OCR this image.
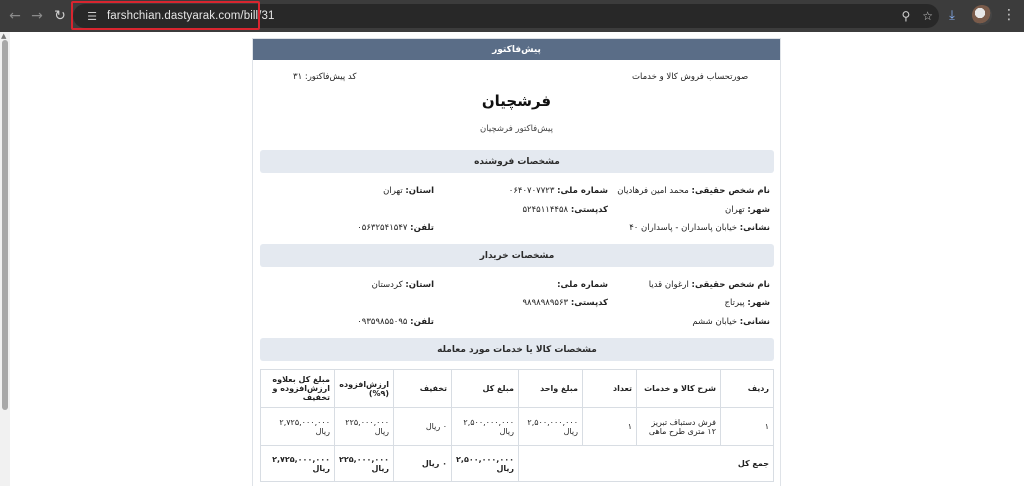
← → ↻	☰ farshchian.dastyarak.com/bill/31	⚲ ☆	⤓	⋮
▲
پیش‌فاکتور
کد پیش‌فاکتور: ۳۱	صورتحساب فروش کالا و خدمات
فرشچیان
پیش‌فاکتور فرشچیان
مشخصات فروشنده
نام شخص حقیقی: محمد امین فرهادیان
شماره ملی: ۰۶۴۰۷۰۷۷۲۳
استان: تهران
شهر: تهران
کدپستی: ۵۲۴۵۱۱۴۴۵۸
نشانی: خیابان پاسداران - پاسداران ۴۰
تلفن: ۰۵۶۳۲۵۴۱۵۴۷
مشخصات خریدار
نام شخص حقیقی: ارغوان قدیا
شماره ملی:
استان: کردستان
شهر: پیرتاج
کدپستی: ۹۸۹۸۹۸۹۵۶۳
نشانی: خیابان ششم
تلفن: ۰۹۳۵۹۸۵۵۰۹۵
مشخصات کالا یا خدمات مورد معامله
ردیف	شرح کالا و خدمات	تعداد	مبلغ واحد	مبلغ کل	تخفیف	ارزش‌افزوده (۹%)	مبلغ کل بعلاوه ارزش‌افزوده و تخفیف
۱	فرش دستباف تبریز ۱۲ متری طرح ماهی	۱	۲,۵۰۰,۰۰۰,۰۰۰ ریال	۲,۵۰۰,۰۰۰,۰۰۰ ریال	۰ ریال	۲۲۵,۰۰۰,۰۰۰ ریال	۲,۷۲۵,۰۰۰,۰۰۰ ریال
جمع کل				۲,۵۰۰,۰۰۰,۰۰۰ ریال	۰ ریال	۲۲۵,۰۰۰,۰۰۰ ریال	۲,۷۲۵,۰۰۰,۰۰۰ ریال
